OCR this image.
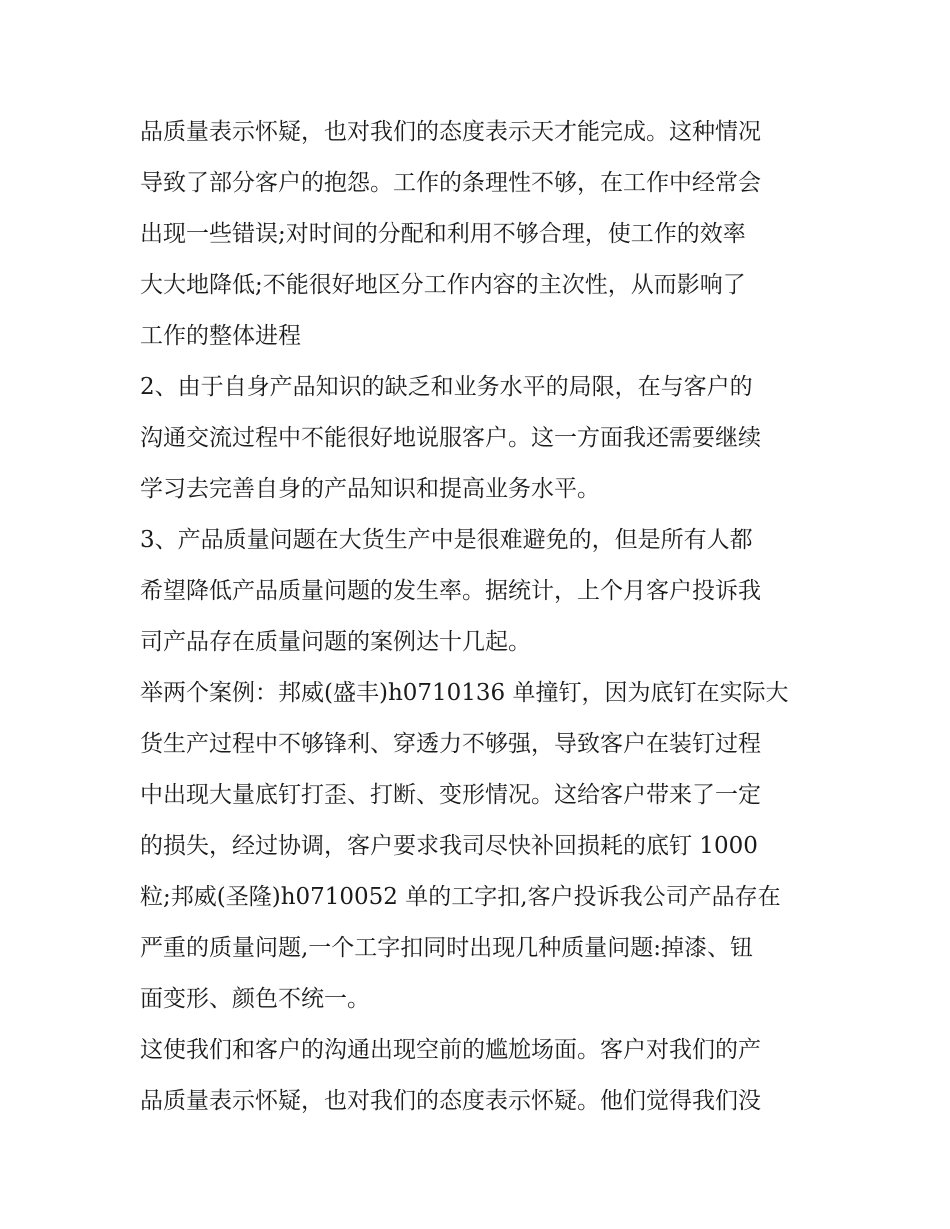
品质量表示怀疑，也对我们的态度表示天才能完成。这种情况
导致了部分客户的抱怨。工作的条理性不够，在工作中经常会
出现一些错误;对时间的分配和利用不够合理，使工作的效率
大大地降低;不能很好地区分工作内容的主次性，从而影响了
工作的整体进程
2、由于自身产品知识的缺乏和业务水平的局限，在与客户的
沟通交流过程中不能很好地说服客户。这一方面我还需要继续
学习去完善自身的产品知识和提高业务水平。
3、产品质量问题在大货生产中是很难避免的，但是所有人都
希望降低产品质量问题的发生率。据统计，上个月客户投诉我
司产品存在质量问题的案例达十几起。
举两个案例：邦威(盛丰)h0710136 单撞钉，因为底钉在实际大
货生产过程中不够锋利、穿透力不够强，导致客户在装钉过程
中出现大量底钉打歪、打断、变形情况。这给客户带来了一定
的损失，经过协调，客户要求我司尽快补回损耗的底钉 1000
粒;邦威(圣隆)h0710052 单的工字扣,客户投诉我公司产品存在
严重的质量问题,一个工字扣同时出现几种质量问题:掉漆、钮
面变形、颜色不统一。
这使我们和客户的沟通出现空前的尴尬场面。客户对我们的产
品质量表示怀疑，也对我们的态度表示怀疑。他们觉得我们没
